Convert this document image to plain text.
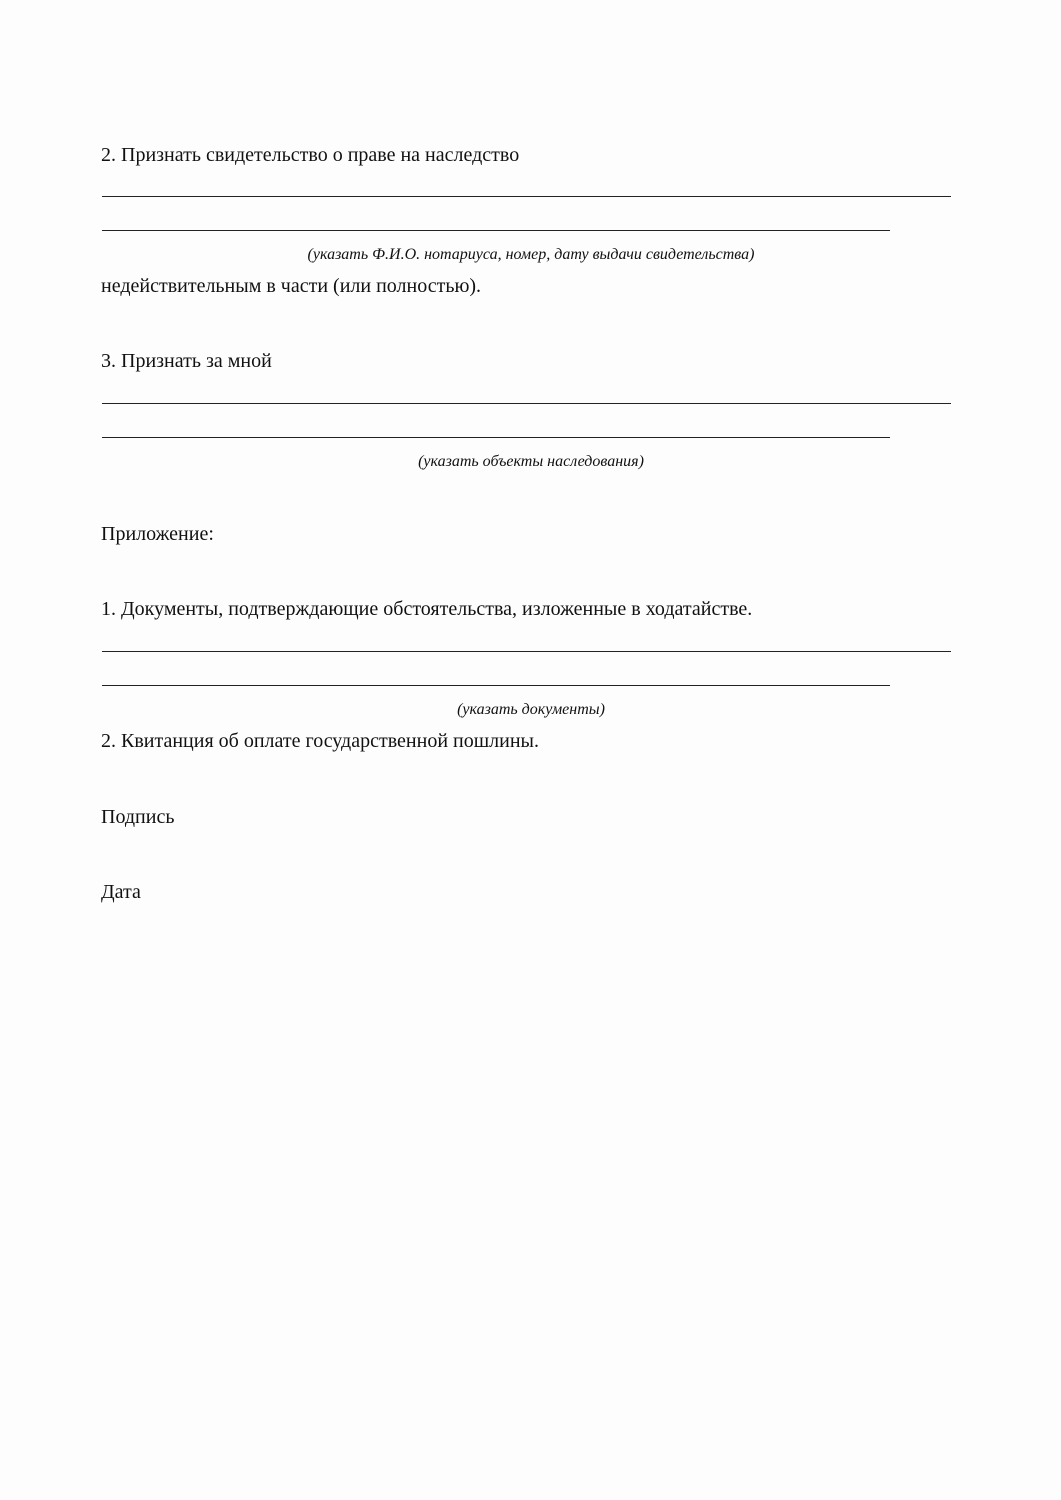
2. Признать свидетельство о праве на наследство

(указать Ф.И.О. нотариуса, номер, дату выдачи свидетельства)

недействительным в части (или полностью).

3. Признать за мной

(указать объекты наследования)

Приложение:

1. Документы, подтверждающие обстоятельства, изложенные в ходатайстве.

(указать документы)

2. Квитанция об оплате государственной пошлины.

Подпись

Дата
